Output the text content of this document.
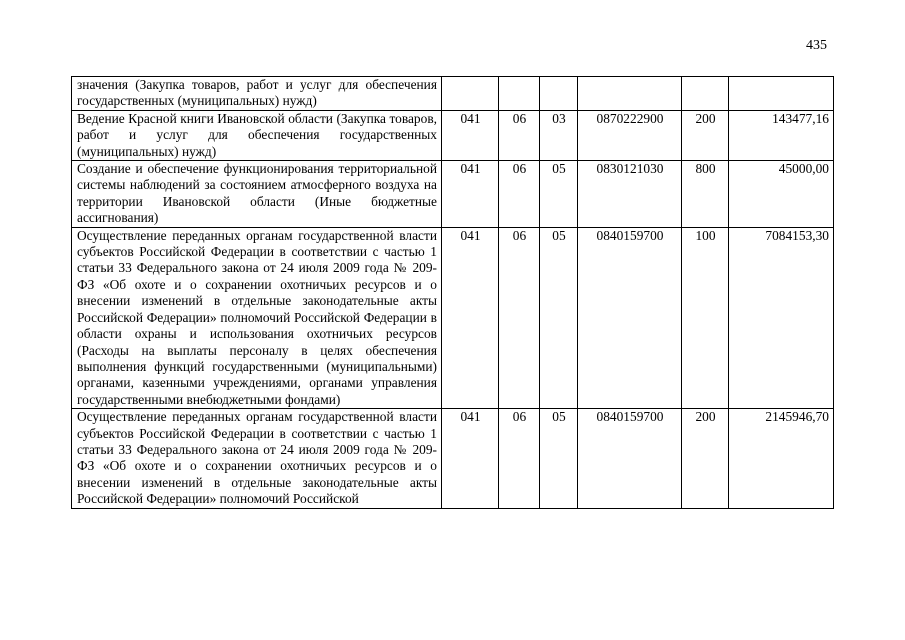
435
значения (Закупка товаров, работ и услуг для обеспечения государственных (муниципальных) нужд)						
Ведение Красной книги Ивановской области (Закупка товаров, работ и услуг для обеспечения государственных (муниципальных) нужд)	041	06	03	0870222900	200	143477,16
Создание и обеспечение функционирования территориальной системы наблюдений за состоянием атмосферного воздуха на территории Ивановской области (Иные бюджетные ассигнования)	041	06	05	0830121030	800	45000,00
Осуществление переданных органам государственной власти субъектов Российской Федерации в соответствии с частью 1 статьи 33 Федерального закона от 24 июля 2009 года № 209-ФЗ «Об охоте и о сохранении охотничьих ресурсов и о внесении изменений в отдельные законодательные акты Российской Федерации» полномочий Российской Федерации в области охраны и использования охотничьих ресурсов (Расходы на выплаты персоналу в целях обеспечения выполнения функций государственными (муниципальными) органами, казенными учреждениями, органами управления государственными внебюджетными фондами)	041	06	05	0840159700	100	7084153,30
Осуществление переданных органам государственной власти субъектов Российской Федерации в соответствии с частью 1 статьи 33 Федерального закона от 24 июля 2009 года № 209-ФЗ «Об охоте и о сохранении охотничьих ресурсов и о внесении изменений в отдельные законодательные акты Российской Федерации» полномочий Российской	041	06	05	0840159700	200	2145946,70
